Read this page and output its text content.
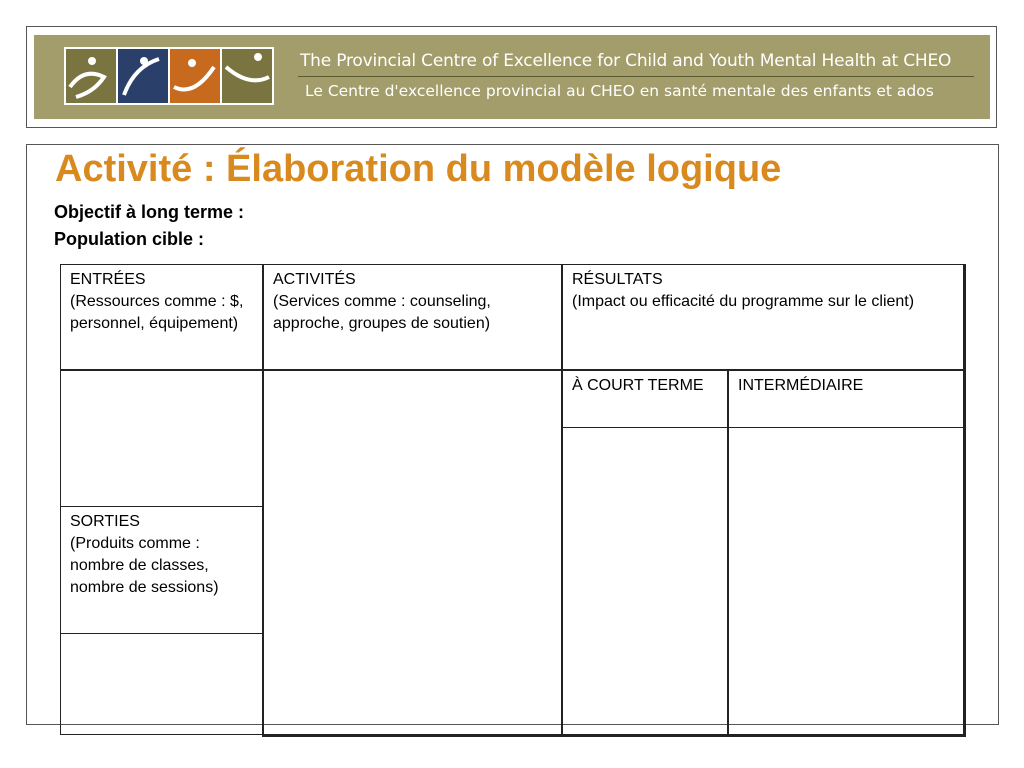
The Provincial Centre of Excellence for Child and Youth Mental Health at CHEO
Le Centre d'excellence provincial au CHEO en santé mentale des enfants et ados
Activité : Élaboration du modèle logique
Objectif à long terme :
Population cible :
ENTRÉES
(Ressources comme : $, personnel, équipement)
ACTIVITÉS
(Services comme : counseling, approche, groupes de soutien)
RÉSULTATS
(Impact ou efficacité du programme sur le client)
À COURT TERME	INTERMÉDIAIRE
SORTIES
(Produits comme : nombre de classes, nombre de sessions)
